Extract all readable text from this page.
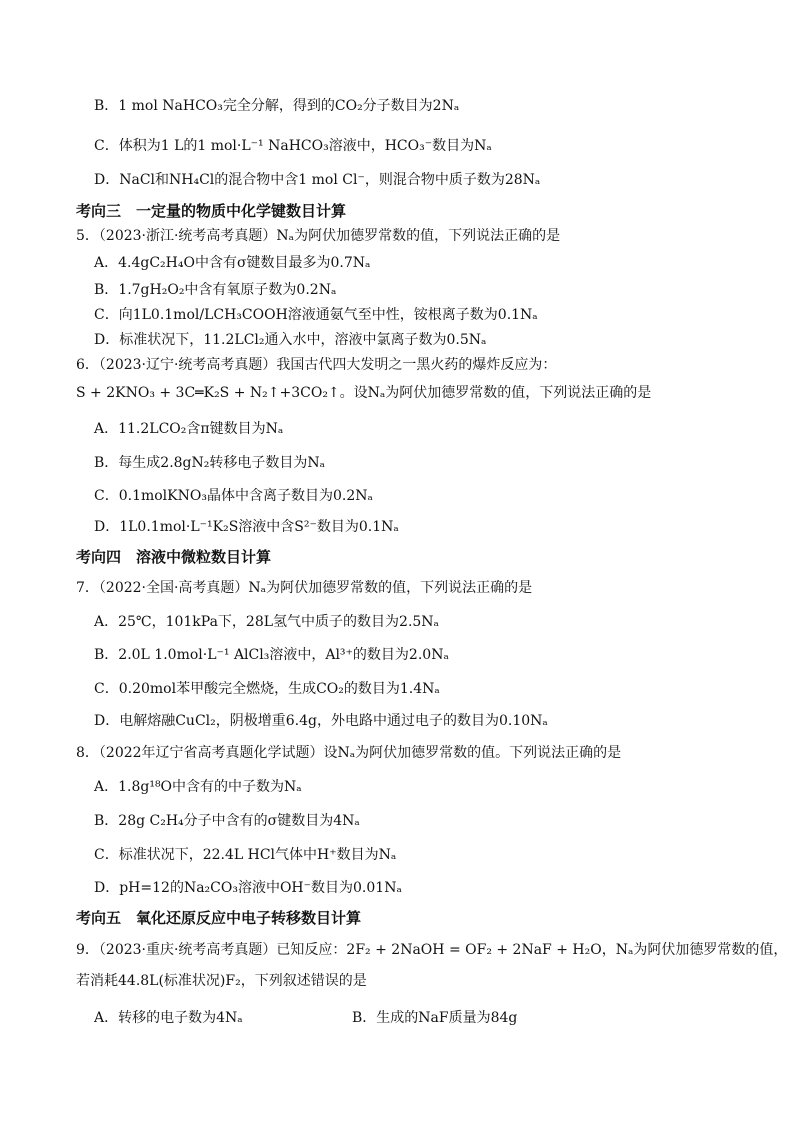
B．1 mol NaHCO₃完全分解，得到的CO₂分子数目为2Nₐ
C．体积为1 L的1 mol·L⁻¹ NaHCO₃溶液中，HCO₃⁻数目为Nₐ
D．NaCl和NH₄Cl的混合物中含1 mol Cl⁻，则混合物中质子数为28Nₐ
考向三　一定量的物质中化学键数目计算
5．（2023·浙江·统考高考真题）Nₐ为阿伏加德罗常数的值，下列说法正确的是
A．4.4gC₂H₄O中含有σ键数目最多为0.7Nₐ
B．1.7gH₂O₂中含有氧原子数为0.2Nₐ
C．向1L0.1mol/LCH₃COOH溶液通氨气至中性，铵根离子数为0.1Nₐ
D．标准状况下，11.2LCl₂通入水中，溶液中氯离子数为0.5Nₐ
6．（2023·辽宁·统考高考真题）我国古代四大发明之一黑火药的爆炸反应为：
S + 2KNO₃ + 3C═K₂S + N₂↑+3CO₂↑。设Nₐ为阿伏加德罗常数的值，下列说法正确的是
A．11.2LCO₂含π键数目为Nₐ
B．每生成2.8gN₂转移电子数目为Nₐ
C．0.1molKNO₃晶体中含离子数目为0.2Nₐ
D．1L0.1mol·L⁻¹K₂S溶液中含S²⁻数目为0.1Nₐ
考向四　溶液中微粒数目计算
7．（2022·全国·高考真题）Nₐ为阿伏加德罗常数的值，下列说法正确的是
A．25℃，101kPa下，28L氢气中质子的数目为2.5Nₐ
B．2.0L 1.0mol·L⁻¹ AlCl₃溶液中，Al³⁺的数目为2.0Nₐ
C．0.20mol苯甲酸完全燃烧，生成CO₂的数目为1.4Nₐ
D．电解熔融CuCl₂，阴极增重6.4g，外电路中通过电子的数目为0.10Nₐ
8．（2022年辽宁省高考真题化学试题）设Nₐ为阿伏加德罗常数的值。下列说法正确的是
A．1.8g¹⁸O中含有的中子数为Nₐ
B．28g C₂H₄分子中含有的σ键数目为4Nₐ
C．标准状况下，22.4L HCl气体中H⁺数目为Nₐ
D．pH=12的Na₂CO₃溶液中OH⁻数目为0.01Nₐ
考向五　氧化还原反应中电子转移数目计算
9．（2023·重庆·统考高考真题）已知反应：2F₂ + 2NaOH = OF₂ + 2NaF + H₂O，Nₐ为阿伏加德罗常数的值，
若消耗44.8L(标准状况)F₂，下列叙述错误的是
A．转移的电子数为4Nₐ	B．生成的NaF质量为84g
